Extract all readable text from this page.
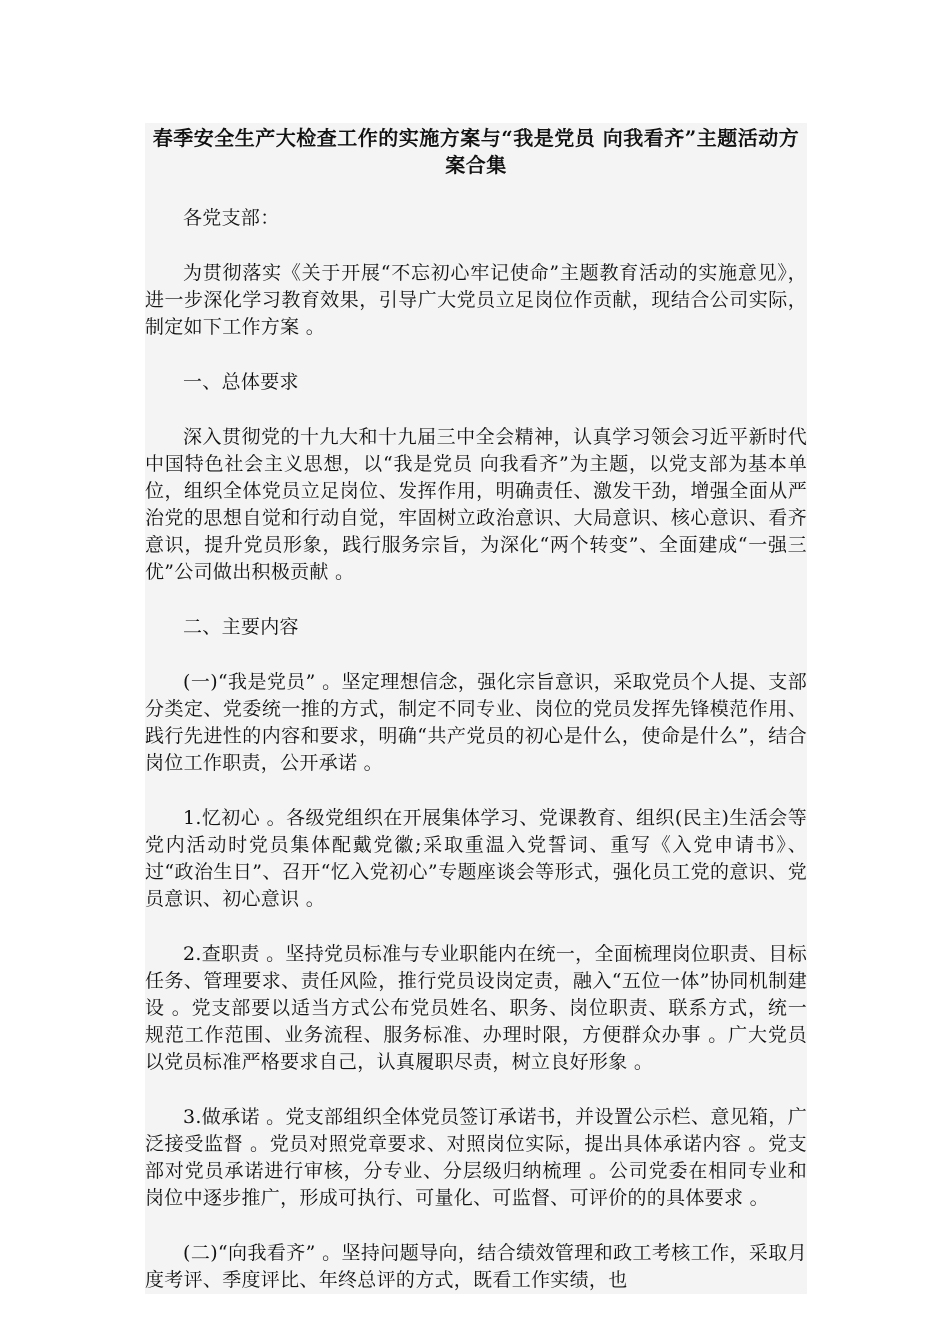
春季安全生产大检查工作的实施方案与“我是党员 向我看齐”主题活动方案合集

各党支部：

为贯彻落实《关于开展“不忘初心牢记使命”主题教育活动的实施意见》，进一步深化学习教育效果，引导广大党员立足岗位作贡献，现结合公司实际，制定如下工作方案 。

一、总体要求

深入贯彻党的十九大和十九届三中全会精神，认真学习领会习近平新时代中国特色社会主义思想，以“我是党员 向我看齐”为主题，以党支部为基本单位，组织全体党员立足岗位、发挥作用，明确责任、激发干劲，增强全面从严治党的思想自觉和行动自觉，牢固树立政治意识、大局意识、核心意识、看齐意识，提升党员形象，践行服务宗旨，为深化“两个转变”、全面建成“一强三优”公司做出积极贡献 。

二、主要内容

(一)“我是党员” 。坚定理想信念，强化宗旨意识，采取党员个人提、支部分类定、党委统一推的方式，制定不同专业、岗位的党员发挥先锋模范作用、践行先进性的内容和要求，明确“共产党员的初心是什么，使命是什么”，结合岗位工作职责，公开承诺 。

1.忆初心 。各级党组织在开展集体学习、党课教育、组织(民主)生活会等党内活动时党员集体配戴党徽;采取重温入党誓词、重写《入党申请书》、过“政治生日”、召开“忆入党初心”专题座谈会等形式，强化员工党的意识、党员意识、初心意识 。

2.查职责 。坚持党员标准与专业职能内在统一，全面梳理岗位职责、目标任务、管理要求、责任风险，推行党员设岗定责，融入“五位一体”协同机制建设 。党支部要以适当方式公布党员姓名、职务、岗位职责、联系方式，统一规范工作范围、业务流程、服务标准、办理时限，方便群众办事 。广大党员以党员标准严格要求自己，认真履职尽责，树立良好形象 。

3.做承诺 。党支部组织全体党员签订承诺书，并设置公示栏、意见箱，广泛接受监督 。党员对照党章要求、对照岗位实际，提出具体承诺内容 。党支部对党员承诺进行审核，分专业、分层级归纳梳理 。公司党委在相同专业和岗位中逐步推广，形成可执行、可量化、可监督、可评价的的具体要求 。

(二)“向我看齐” 。坚持问题导向，结合绩效管理和政工考核工作，采取月度考评、季度评比、年终总评的方式，既看工作实绩，也
